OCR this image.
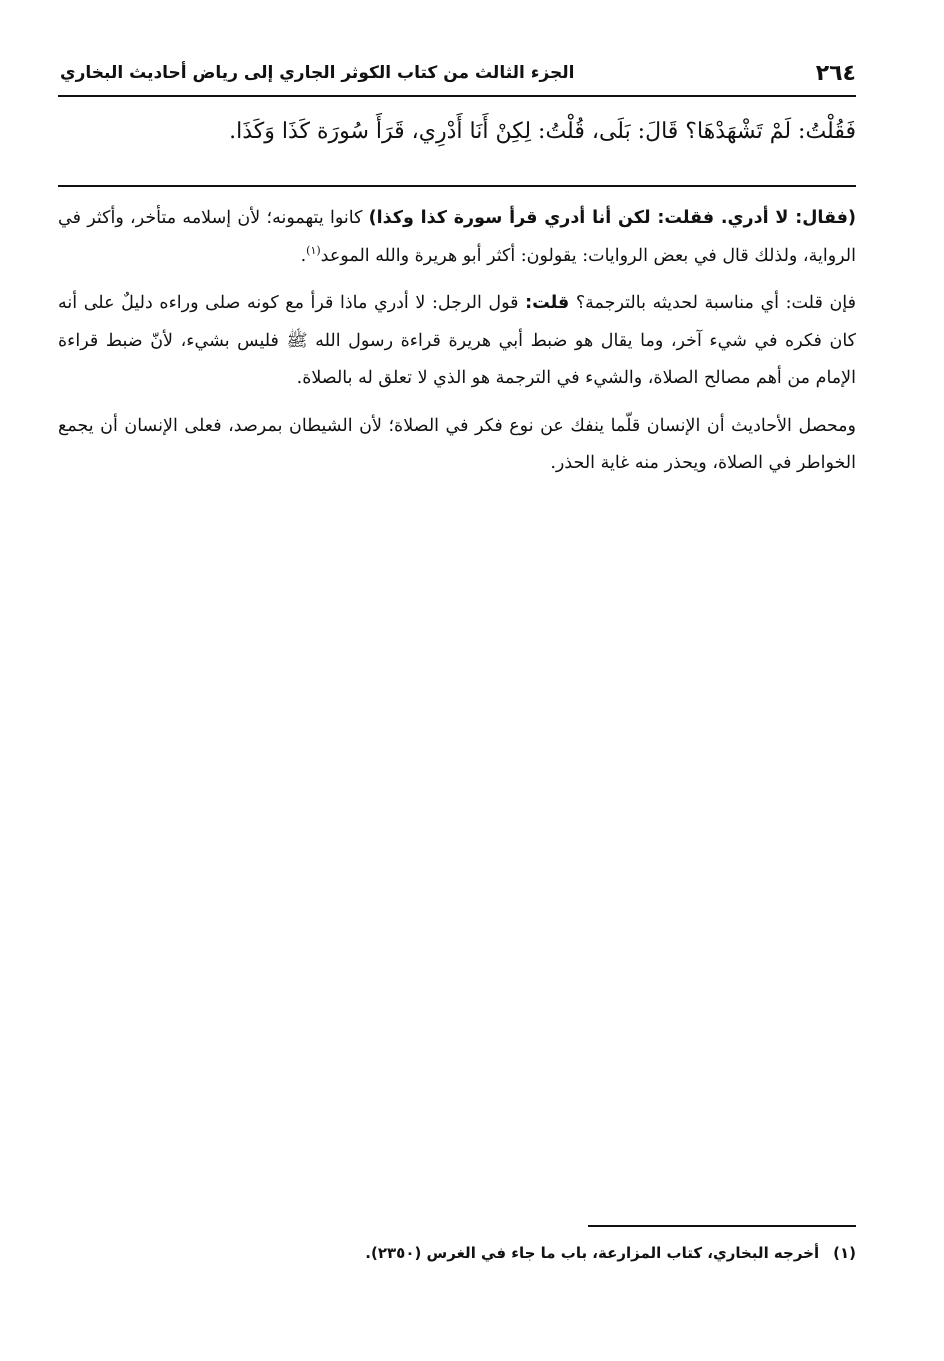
٢٦٤
الجزء الثالث من كتاب الكوثر الجاري إلى رياض أحاديث البخاري
فَقُلْتُ: لَمْ تَشْهَدْهَا؟ قَالَ: بَلَى، قُلْتُ: لِكِنْ أَنَا أَدْرِي، قَرَأَ سُورَة كَذَا وَكَذَا.

(فقال: لا أدري. فقلت: لكن أنا أدري قرأ سورة كذا وكذا) كانوا يتهمونه؛ لأن إسلامه متأخر، وأكثر في الرواية، ولذلك قال في بعض الروايات: يقولون: أكثر أبو هريرة والله الموعد$^{(١)}$.

فإن قلت: أي مناسبة لحديثه بالترجمة؟ قلت: قول الرجل: لا أدري ماذا قرأ مع كونه صلى وراءه دليلٌ على أنه كان فكره في شيء آخر، وما يقال هو ضبط أبي هريرة قراءة رسول الله ﷺ فليس بشيء، لأنّ ضبط قراءة الإمام من أهم مصالح الصلاة، والشيء في الترجمة هو الذي لا تعلق له بالصلاة.

ومحصل الأحاديث أن الإنسان قلّما ينفك عن نوع فكر في الصلاة؛ لأن الشيطان بمرصد، فعلى الإنسان أن يجمع الخواطر في الصلاة، ويحذر منه غاية الحذر.

(١)أخرجه البخاري، كتاب المزارعة، باب ما جاء في الغرس (٢٣٥٠).
